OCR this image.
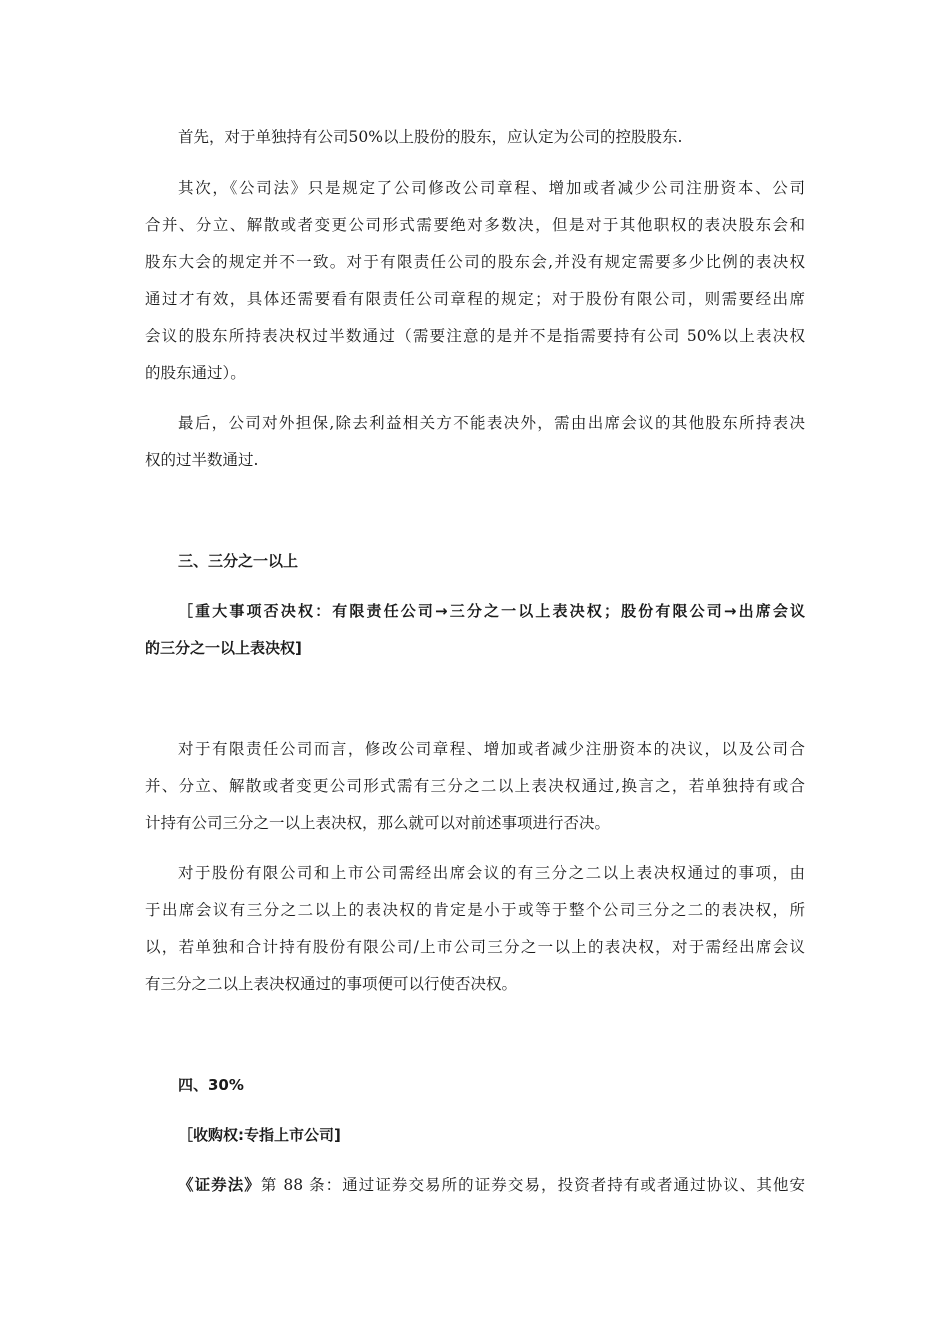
首先，对于单独持有公司50%以上股份的股东，应认定为公司的控股股东.
其次，《公司法》只是规定了公司修改公司章程、增加或者减少公司注册资本、公司
合并、分立、解散或者变更公司形式需要绝对多数决，但是对于其他职权的表决股东会和
股东大会的规定并不一致。对于有限责任公司的股东会,并没有规定需要多少比例的表决权
通过才有效，具体还需要看有限责任公司章程的规定；对于股份有限公司，则需要经出席
会议的股东所持表决权过半数通过（需要注意的是并不是指需要持有公司 50%以上表决权
的股东通过）。
最后，公司对外担保,除去利益相关方不能表决外，需由出席会议的其他股东所持表决
权的过半数通过.
三、三分之一以上
［重大事项否决权：有限责任公司→三分之一以上表决权；股份有限公司→出席会议
的三分之一以上表决权]
对于有限责任公司而言，修改公司章程、增加或者减少注册资本的决议，以及公司合
并、分立、解散或者变更公司形式需有三分之二以上表决权通过,换言之，若单独持有或合
计持有公司三分之一以上表决权，那么就可以对前述事项进行否决。
对于股份有限公司和上市公司需经出席会议的有三分之二以上表决权通过的事项，由
于出席会议有三分之二以上的表决权的肯定是小于或等于整个公司三分之二的表决权，所
以，若单独和合计持有股份有限公司/上市公司三分之一以上的表决权，对于需经出席会议
有三分之二以上表决权通过的事项便可以行使否决权。
四、30%
［收购权:专指上市公司]
《证券法》第 88 条：通过证券交易所的证券交易，投资者持有或者通过协议、其他安
